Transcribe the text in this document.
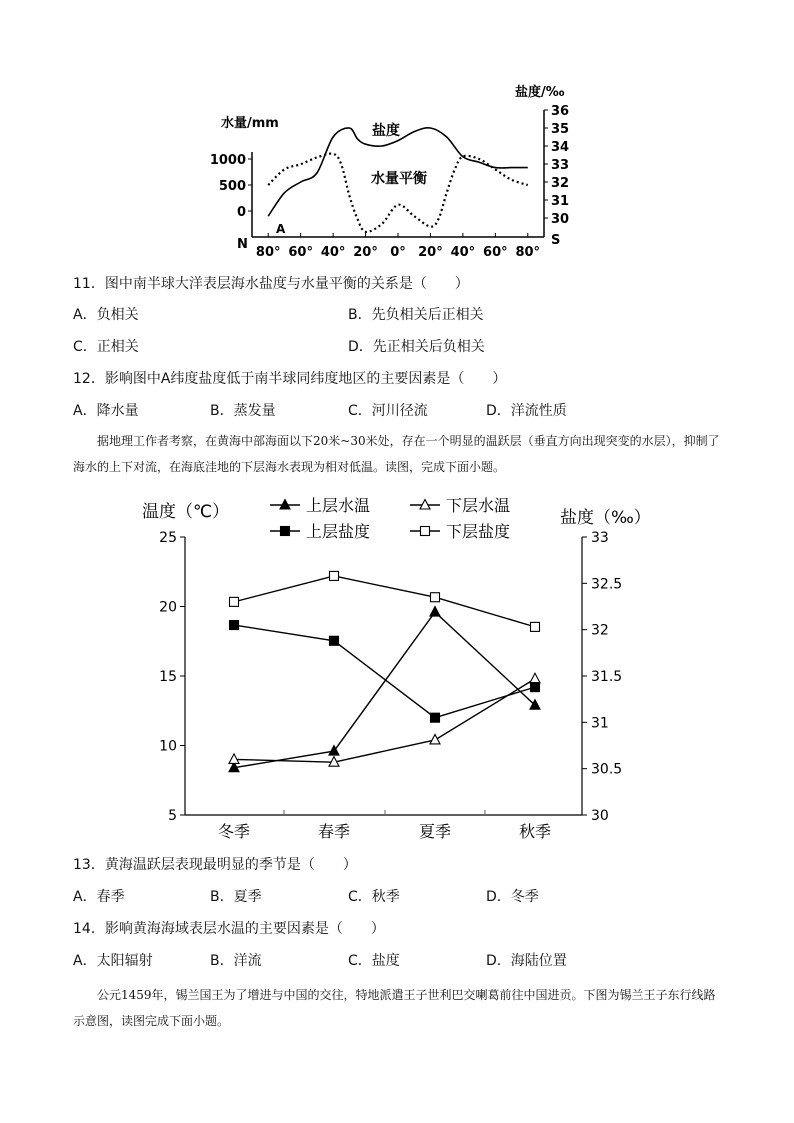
水量/mm
盐度/‰
N	S
1000
500
0
36
35
34
33
32
31
30
80° 60° 40° 20° 0° 20° 40° 60° 80°
盐度
水量平衡
A
11．图中南半球大洋表层海水盐度与水量平衡的关系是（　　）
A．负相关	B．先负相关后正相关
C．正相关	D．先正相关后负相关
12．影响图中A纬度盐度低于南半球同纬度地区的主要因素是（　　）
A．降水量	B．蒸发量	C．河川径流	D．洋流性质
据地理工作者考察，在黄海中部海面以下20米~30米处，存在一个明显的温跃层（垂直方向出现突变的水层），抑制了海水的上下对流，在海底洼地的下层海水表现为相对低温。读图，完成下面小题。
温度（℃）	盐度（‰）
上层水温	下层水温
上层盐度	下层盐度
25
20
15
10
5
33
32.5
32
31.5
31
30.5
30
冬季	春季	夏季	秋季
13．黄海温跃层表现最明显的季节是（　　）
A．春季	B．夏季	C．秋季	D．冬季
14．影响黄海海域表层水温的主要因素是（　　）
A．太阳辐射	B．洋流	C．盐度	D．海陆位置
公元1459年，锡兰国王为了增进与中国的交往，特地派遣王子世利巴交喇葛前往中国进贡。下图为锡兰王子东行线路示意图，读图完成下面小题。
